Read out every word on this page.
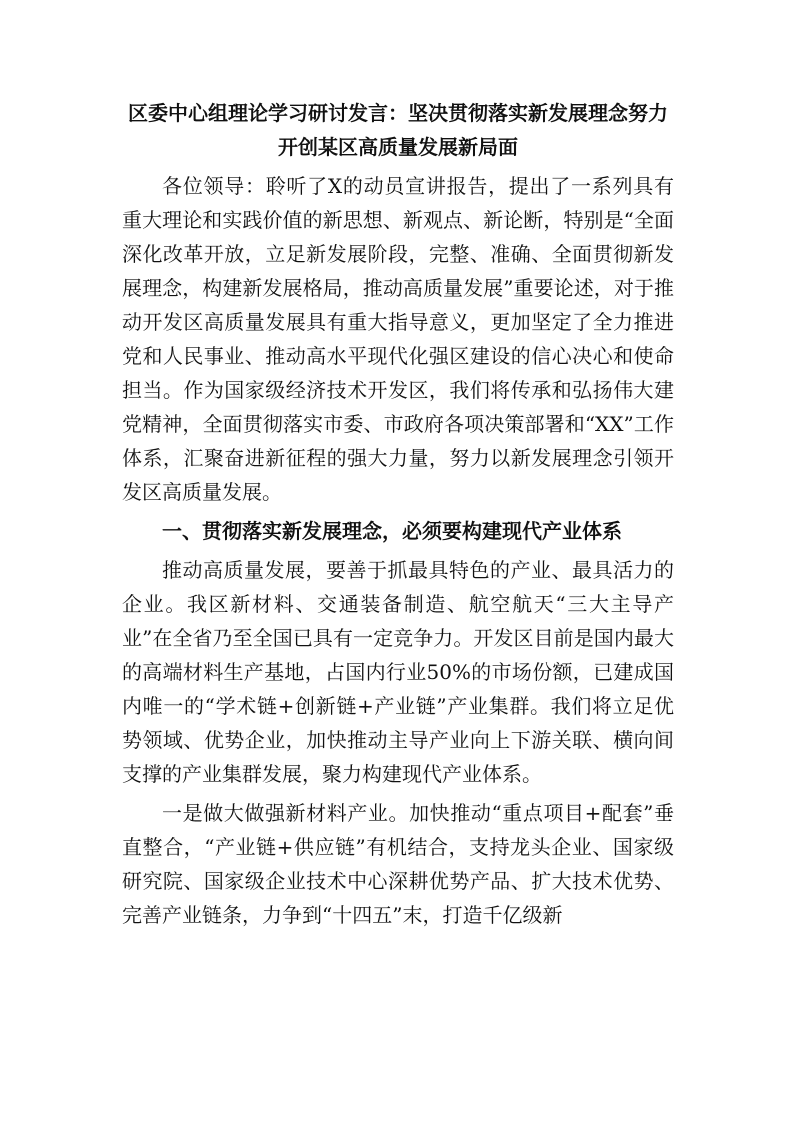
区委中心组理论学习研讨发言：坚决贯彻落实新发展理念努力开创某区高质量发展新局面

各位领导：聆听了X的动员宣讲报告，提出了一系列具有重大理论和实践价值的新思想、新观点、新论断，特别是“全面深化改革开放，立足新发展阶段，完整、准确、全面贯彻新发展理念，构建新发展格局，推动高质量发展”重要论述，对于推动开发区高质量发展具有重大指导意义，更加坚定了全力推进党和人民事业、推动高水平现代化强区建设的信心决心和使命担当。作为国家级经济技术开发区，我们将传承和弘扬伟大建党精神，全面贯彻落实市委、市政府各项决策部署和“XX”工作体系，汇聚奋进新征程的强大力量，努力以新发展理念引领开发区高质量发展。

一、贯彻落实新发展理念，必须要构建现代产业体系

推动高质量发展，要善于抓最具特色的产业、最具活力的企业。我区新材料、交通装备制造、航空航天“三大主导产业”在全省乃至全国已具有一定竞争力。开发区目前是国内最大的高端材料生产基地，占国内行业50%的市场份额，已建成国内唯一的“学术链+创新链+产业链”产业集群。我们将立足优势领域、优势企业，加快推动主导产业向上下游关联、横向间支撑的产业集群发展，聚力构建现代产业体系。

一是做大做强新材料产业。加快推动“重点项目+配套”垂直整合，“产业链+供应链”有机结合，支持龙头企业、国家级研究院、国家级企业技术中心深耕优势产品、扩大技术优势、完善产业链条，力争到“十四五”末，打造千亿级新
